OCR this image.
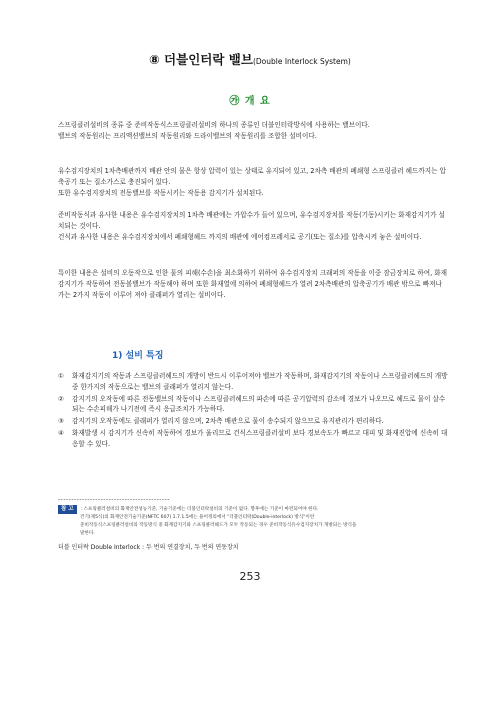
⑧ 더블인터락 밸브(Double Interlock System)
㉮ 개 요

스프링클러설비의 종류 중 준비작동식스프링클러설비의 하나의 종류인 더블인터락방식에 사용하는 밸브이다.

밸브의 작동원리는 프리액션밸브의 작동원리와 드라이밸브의 작동원리를 조합한 설비이다.

유수검지장치의 1차측배관까지 배관 안의 물은 항상 압력이 있는 상태로 유지되어 있고, 2차측 배관의 폐쇄형 스프링클러 헤드까지는 압축공기 또는 질소가스로 충진되어 있다.

또한 유수검지장치의 전동밸브를 작동시키는 작동용 감지기가 설치된다.

준비작동식과 유사한 내용은 유수검지장치의 1차측 배관에는 가압수가 들어 있으며, 유수검지장치를 작동(기동)시키는 화재감지기가 설치되는 것이다.

건식과 유사한 내용은 유수검지장치에서 폐쇄형헤드 까지의 배관에 에어컴프레서로 공기(또는 질소)를 압축시켜 놓은 설비이다.

특이한 내용은 설비의 오동작으로 인한 물의 피해(수손)을 최소화하기 위하여 유수검지장치 크래퍼의 작동을 이중 잠금장치로 하여, 화재감지기가 작동하여 전동볼밸브가 작동해야 하며 또한 화재열에 의하여 폐쇄형헤드가 열려 2차측배관의 압축공기가 배관 밖으로 빠져나가는 2가지 작동이 이루어 져야 클래퍼가 열리는 설비이다.

1) 설비 특징
① 화재감지기의 작동과 스프링클러헤드의 개방이 반드시 이루어져야 밸브가 작동하며, 화재감지기의 작동이나 스프링클러헤드의 개방 중 한가지의 작동으로는 밸브의 클래퍼가 열리지 않는다.
② 감지기의 오작동에 따른 전동밸브의 작동이나 스프링클러헤드의 파손에 따른 공기압력의 감소에 경보가 나오므로 헤드로 물이 살수되는 수손피해가 나기전에 즉시 응급조치가 가능하다.
③ 감지기의 오작동에도 클래퍼가 열리지 않으며, 2차측 배관으로 물이 송수되지 않으므로 유지관리가 편리하다.
④ 화재발생 시 감지기가 신속히 작동하여 경보가 울리므로 건식스프링클러설비 보다 경보속도가 빠르고 대피 및 화재진압에 신속히 대응할 수 있다.
------------------------------------------
참 고 : 스프링클러설비의 화재안전성능기준, 기술기준에는 더블인터락설비의 기준이 없다. 향후에는 기준이 마련되어야 한다.
건기(제5식)의 화재안전기술기준(NFTC 607) 1.7.1.5에는 용어정의에서 "더블인터락(Double-interlock) 방식"이란
준비작동식스프링클러설비의 작동방식 중 화재감지기와 스프링클러헤드가 모두 작동되는 경우 준비작동식유수검지장치가 개방되는 방식을
말한다.
더블 인터락 Double Interlock : 두 번의 연결장치, 두 번의 연동장치
253
